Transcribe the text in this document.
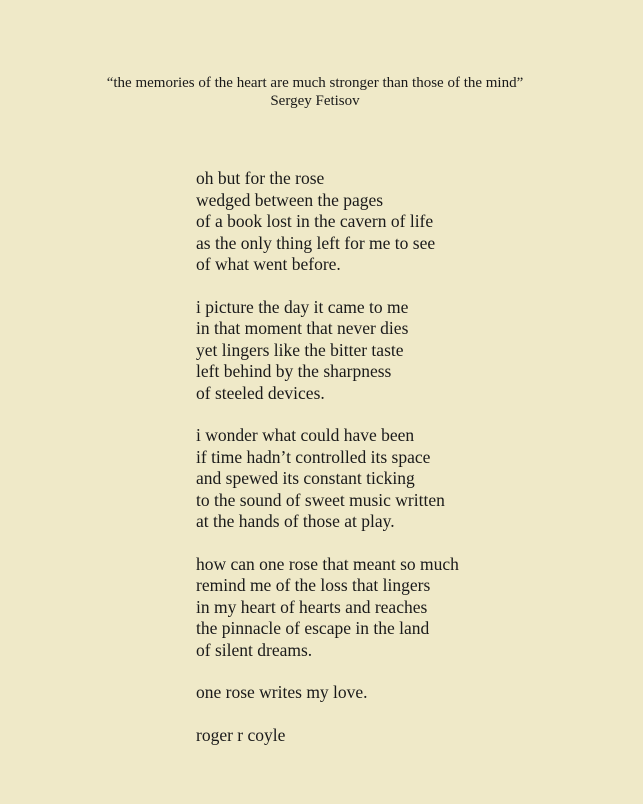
“the memories of the heart are much stronger than those of the mind”
Sergey Fetisov
oh but for the rose
wedged between the pages
of a book lost in the cavern of life
as the only thing left for me to see
of what went before.
i picture the day it came to me
in that moment that never dies
yet lingers like the bitter taste
left behind by the sharpness
of steeled devices.
i wonder what could have been
if time hadn’t controlled its space
and spewed its constant ticking
to the sound of sweet music written
at the hands of those at play.
how can one rose that meant so much
remind me of the loss that lingers
in my heart of hearts and reaches
the pinnacle of escape in the land
of silent dreams.
one rose writes my love.
roger r coyle
